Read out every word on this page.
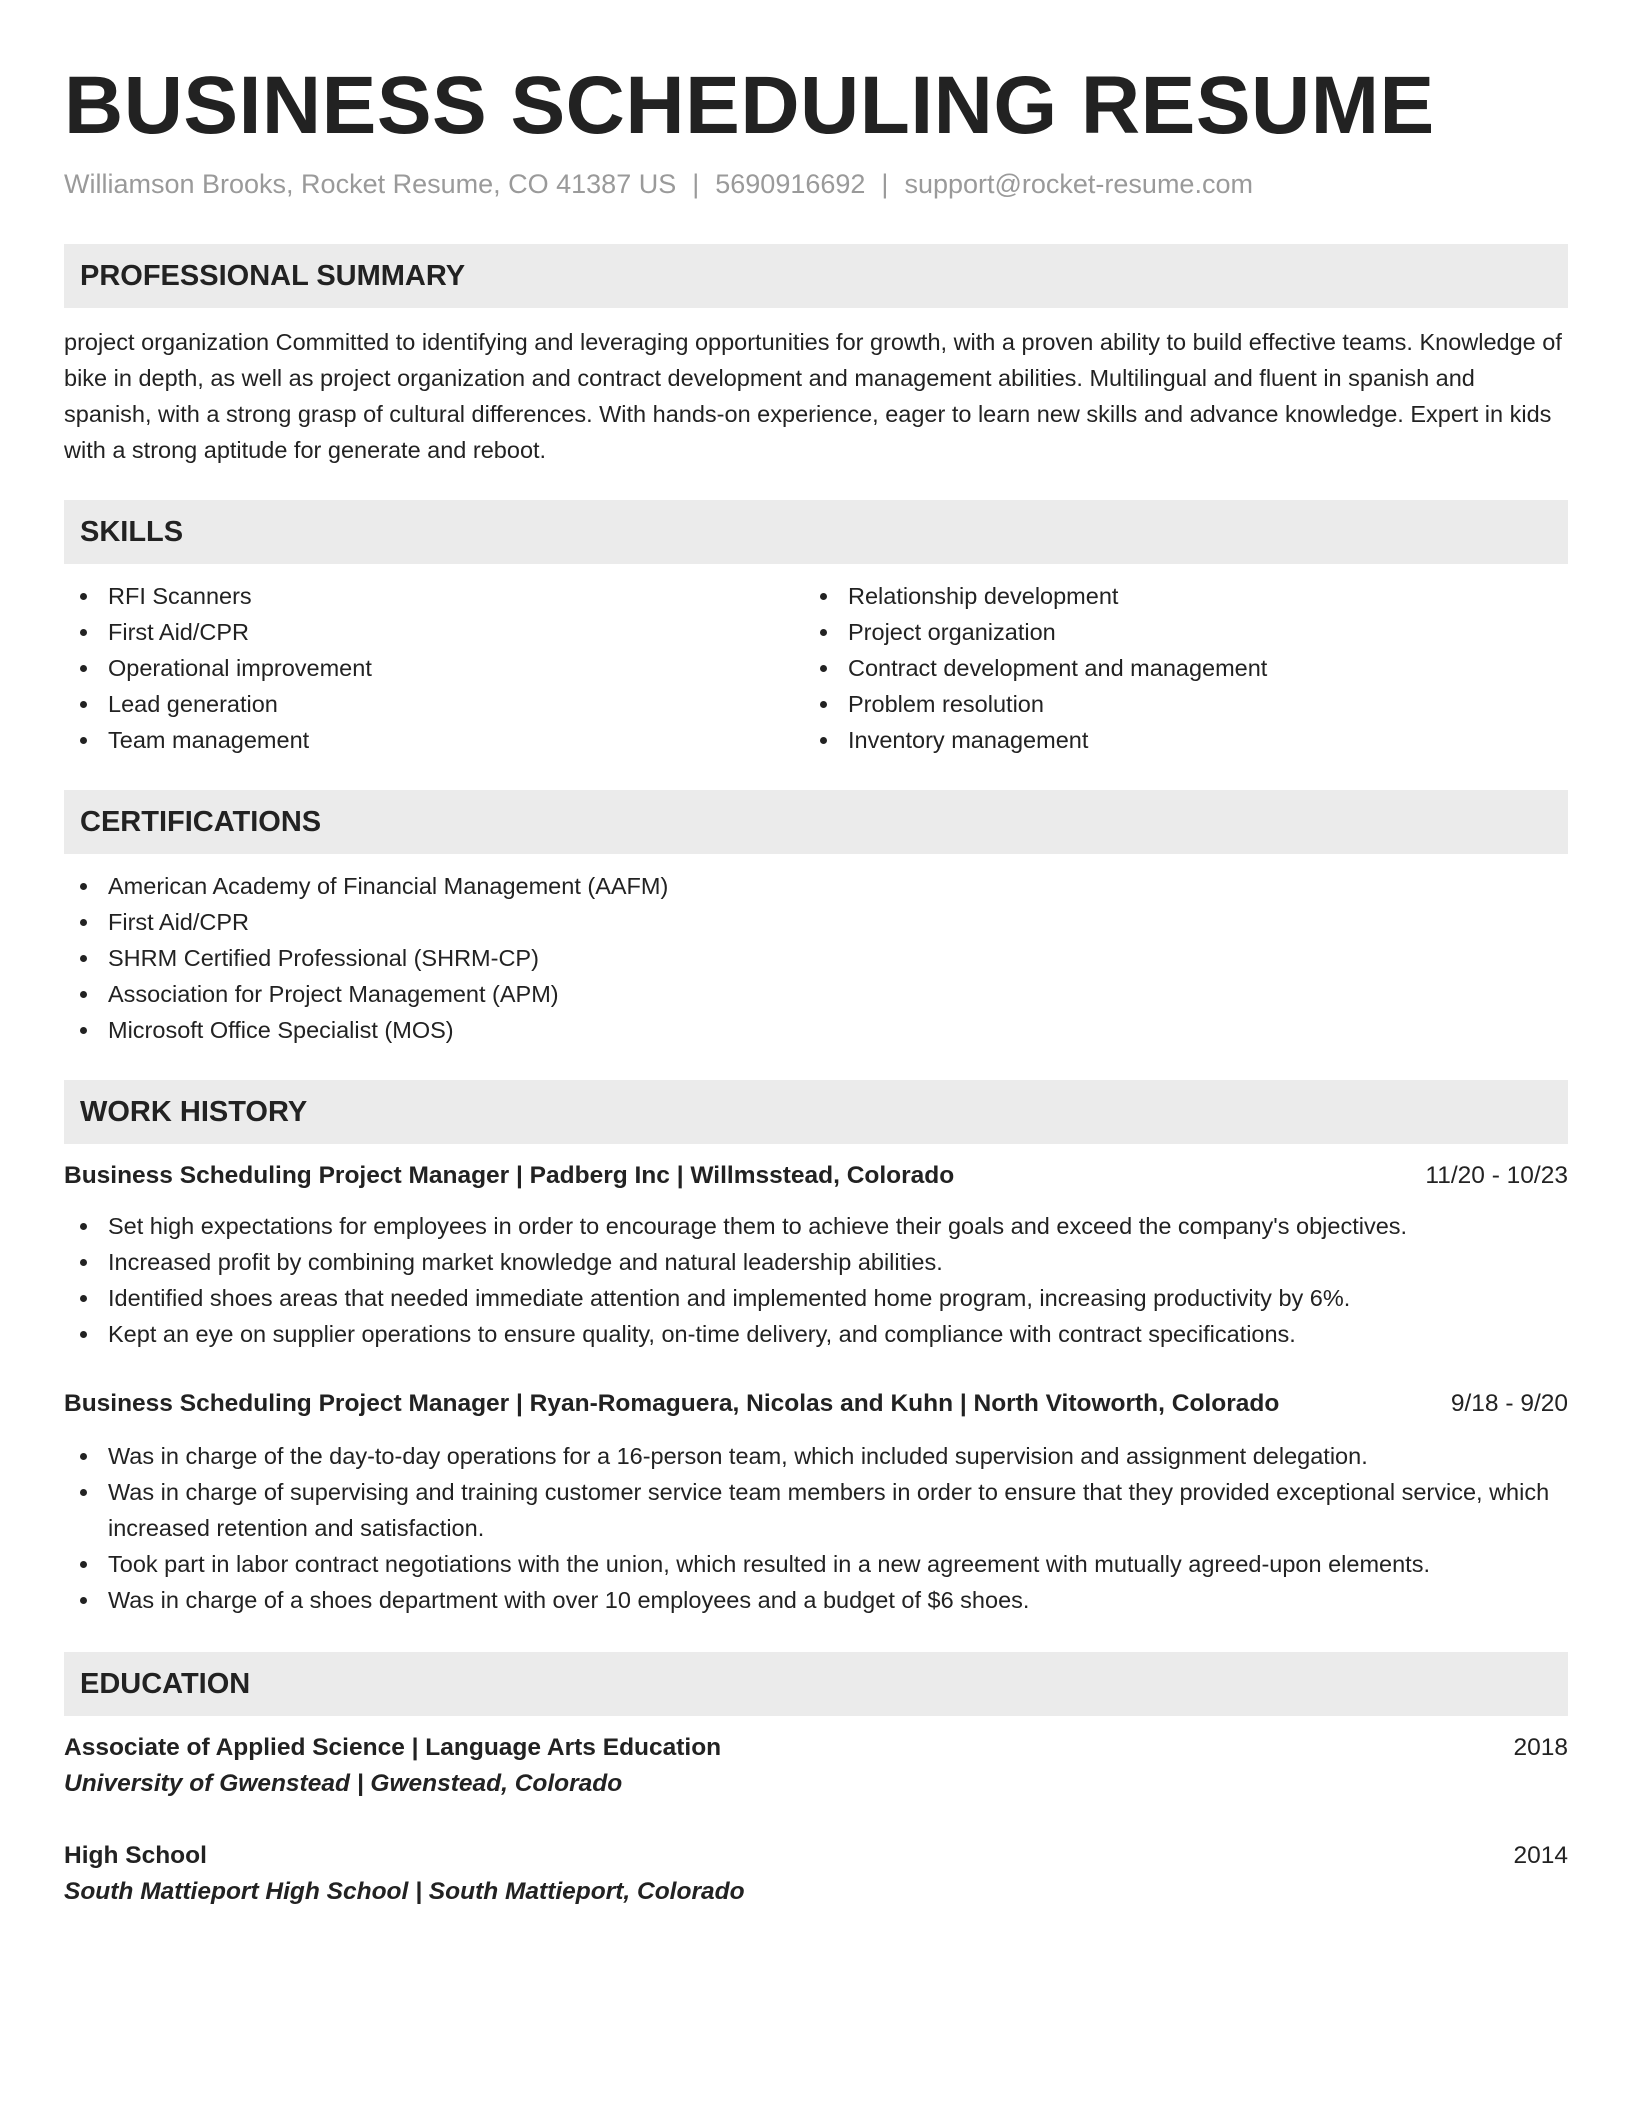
BUSINESS SCHEDULING RESUME
Williamson Brooks, Rocket Resume, CO 41387 US | 5690916692 | support@rocket-resume.com
PROFESSIONAL SUMMARY

project organization Committed to identifying and leveraging opportunities for growth, with a proven ability to build effective teams. Knowledge of bike in depth, as well as project organization and contract development and management abilities. Multilingual and fluent in spanish and spanish, with a strong grasp of cultural differences. With hands-on experience, eager to learn new skills and advance knowledge. Expert in kids with a strong aptitude for generate and reboot.

SKILLS
RFI Scanners
First Aid/CPR
Operational improvement
Lead generation
Team management
Relationship development
Project organization
Contract development and management
Problem resolution
Inventory management
CERTIFICATIONS
American Academy of Financial Management (AAFM)
First Aid/CPR
SHRM Certified Professional (SHRM-CP)
Association for Project Management (APM)
Microsoft Office Specialist (MOS)
WORK HISTORY
Business Scheduling Project Manager | Padberg Inc | Willmsstead, Colorado	11/20 - 10/23
Set high expectations for employees in order to encourage them to achieve their goals and exceed the company's objectives.
Increased profit by combining market knowledge and natural leadership abilities.
Identified shoes areas that needed immediate attention and implemented home program, increasing productivity by 6%.
Kept an eye on supplier operations to ensure quality, on-time delivery, and compliance with contract specifications.
Business Scheduling Project Manager | Ryan-Romaguera, Nicolas and Kuhn | North Vitoworth, Colorado	9/18 - 9/20
Was in charge of the day-to-day operations for a 16-person team, which included supervision and assignment delegation.
Was in charge of supervising and training customer service team members in order to ensure that they provided exceptional service, which increased retention and satisfaction.
Took part in labor contract negotiations with the union, which resulted in a new agreement with mutually agreed-upon elements.
Was in charge of a shoes department with over 10 employees and a budget of $6 shoes.
EDUCATION
Associate of Applied Science | Language Arts Education	2018
University of Gwenstead | Gwenstead, Colorado
High School	2014
South Mattieport High School | South Mattieport, Colorado
